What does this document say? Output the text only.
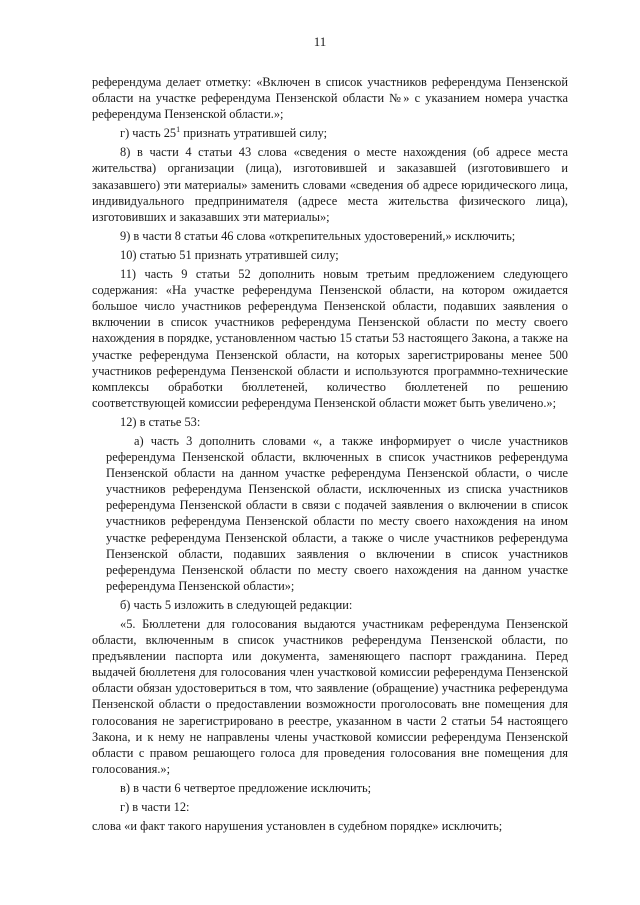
11

референдума делает отметку: «Включен в список участников референдума Пензенской области на участке референдума Пензенской области №» с указанием номера участка референдума Пензенской области.»;

г) часть $25^1$ признать утратившей силу;

8) в части 4 статьи 43 слова «сведения о месте нахождения (об адресе места жительства) организации (лица), изготовившей и заказавшей (изготовившего и заказавшего) эти материалы» заменить словами «сведения об адресе юридического лица, индивидуального предпринимателя (адресе места жительства физического лица), изготовивших и заказавших эти материалы»;

9) в части 8 статьи 46 слова «открепительных удостоверений,» исключить;

10) статью 51 признать утратившей силу;

11) часть 9 статьи 52 дополнить новым третьим предложением следующего содержания: «На участке референдума Пензенской области, на котором ожидается большое число участников референдума Пензенской области, подавших заявления о включении в список участников референдума Пензенской области по месту своего нахождения в порядке, установленном частью 15 статьи 53 настоящего Закона, а также на участке референдума Пензенской области, на которых зарегистрированы менее 500 участников референдума Пензенской области и используются программно-технические комплексы обработки бюллетеней, количество бюллетеней по решению соответствующей комиссии референдума Пензенской области может быть увеличено.»;

12) в статье 53:

а) часть 3 дополнить словами «, а также информирует о числе участников референдума Пензенской области, включенных в список участников референдума Пензенской области на данном участке референдума Пензенской области, о числе участников референдума Пензенской области, исключенных из списка участников референдума Пензенской области в связи с подачей заявления о включении в список участников референдума Пензенской области по месту своего нахождения на ином участке референдума Пензенской области, а также о числе участников референдума Пензенской области, подавших заявления о включении в список участников референдума Пензенской области по месту своего нахождения на данном участке референдума Пензенской области»;

б) часть 5 изложить в следующей редакции:

«5. Бюллетени для голосования выдаются участникам референдума Пензенской области, включенным в список участников референдума Пензенской области, по предъявлении паспорта или документа, заменяющего паспорт гражданина. Перед выдачей бюллетеня для голосования член участковой комиссии референдума Пензенской области обязан удостовериться в том, что заявление (обращение) участника референдума Пензенской области о предоставлении возможности проголосовать вне помещения для голосования не зарегистрировано в реестре, указанном в части 2 статьи 54 настоящего Закона, и к нему не направлены члены участковой комиссии референдума Пензенской области с правом решающего голоса для проведения голосования вне помещения для голосования.»;

в) в части 6 четвертое предложение исключить;

г) в части 12:

слова «и факт такого нарушения установлен в судебном порядке» исключить;
